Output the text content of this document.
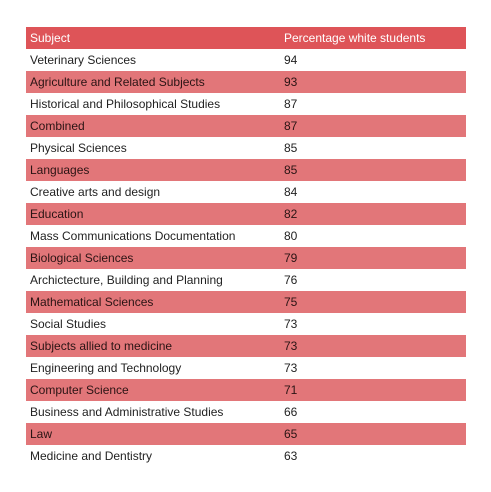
Subject	Percentage white students
Veterinary Sciences	94
Agriculture and Related Subjects	93
Historical and Philosophical Studies	87
Combined	87
Physical Sciences	85
Languages	85
Creative arts and design	84
Education	82
Mass Communications Documentation	80
Biological Sciences	79
Archictecture, Building and Planning	76
Mathematical Sciences	75
Social Studies	73
Subjects allied to medicine	73
Engineering and Technology	73
Computer Science	71
Business and Administrative Studies	66
Law	65
Medicine and Dentistry	63
